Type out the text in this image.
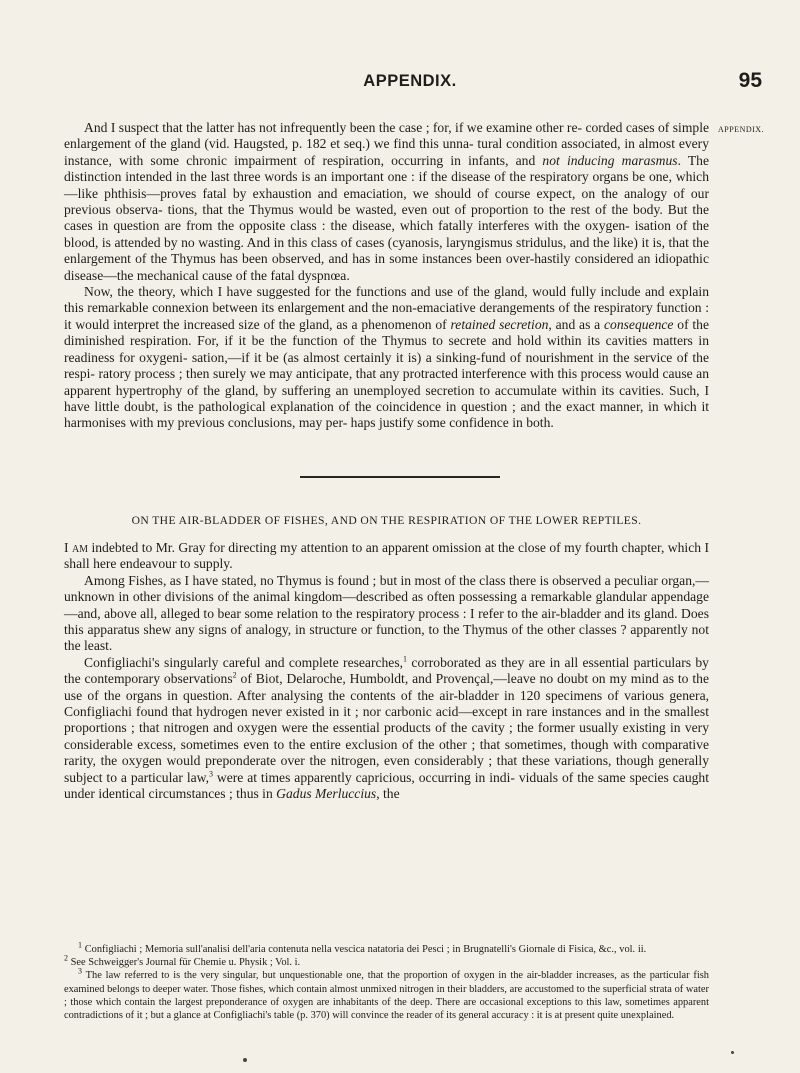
APPENDIX.	95
APPENDIX.

And I suspect that the latter has not infrequently been the case ; for, if we examine other re- corded cases of simple enlargement of the gland (vid. Haugsted, p. 182 et seq.) we find this unna- tural condition associated, in almost every instance, with some chronic impairment of respiration, occurring in infants, and not inducing marasmus. The distinction intended in the last three words is an important one : if the disease of the respiratory organs be one, which—like phthisis—proves fatal by exhaustion and emaciation, we should of course expect, on the analogy of our previous observa- tions, that the Thymus would be wasted, even out of proportion to the rest of the body. But the cases in question are from the opposite class : the disease, which fatally interferes with the oxygen- isation of the blood, is attended by no wasting. And in this class of cases (cyanosis, laryngismus stridulus, and the like) it is, that the enlargement of the Thymus has been observed, and has in some instances been over-hastily considered an idiopathic disease—the mechanical cause of the fatal dyspnœa.

Now, the theory, which I have suggested for the functions and use of the gland, would fully include and explain this remarkable connexion between its enlargement and the non-emaciative derangements of the respiratory function : it would interpret the increased size of the gland, as a phenomenon of retained secretion, and as a consequence of the diminished respiration. For, if it be the function of the Thymus to secrete and hold within its cavities matters in readiness for oxygeni- sation,—if it be (as almost certainly it is) a sinking-fund of nourishment in the service of the respi- ratory process ; then surely we may anticipate, that any protracted interference with this process would cause an apparent hypertrophy of the gland, by suffering an unemployed secretion to accumulate within its cavities. Such, I have little doubt, is the pathological explanation of the coincidence in question ; and the exact manner, in which it harmonises with my previous conclusions, may per- haps justify some confidence in both.

ON THE AIR-BLADDER OF FISHES, AND ON THE RESPIRATION OF THE LOWER REPTILES.

I am indebted to Mr. Gray for directing my attention to an apparent omission at the close of my fourth chapter, which I shall here endeavour to supply.

Among Fishes, as I have stated, no Thymus is found ; but in most of the class there is observed a peculiar organ,—unknown in other divisions of the animal kingdom—described as often possessing a remarkable glandular appendage—and, above all, alleged to bear some relation to the respiratory process : I refer to the air-bladder and its gland. Does this apparatus shew any signs of analogy, in structure or function, to the Thymus of the other classes ? apparently not the least.

Configliachi's singularly careful and complete researches,$^1$ corroborated as they are in all essential particulars by the contemporary observations$^2$ of Biot, Delaroche, Humboldt, and Provençal,—leave no doubt on my mind as to the use of the organs in question. After analysing the contents of the air-bladder in 120 specimens of various genera, Configliachi found that hydrogen never existed in it ; nor carbonic acid—except in rare instances and in the smallest proportions ; that nitrogen and oxygen were the essential products of the cavity ; the former usually existing in very considerable excess, sometimes even to the entire exclusion of the other ; that sometimes, though with comparative rarity, the oxygen would preponderate over the nitrogen, even considerably ; that these variations, though generally subject to a particular law,$^3$ were at times apparently capricious, occurring in indi- viduals of the same species caught under identical circumstances ; thus in Gadus Merluccius, the

$^1$ Configliachi ; Memoria sull'analisi dell'aria contenuta nella vescica natatoria dei Pesci ; in Brugnatelli's Giornale di Fisica, &c., vol. ii. $^2$ See Schweigger's Journal für Chemie u. Physik ; Vol. i.

$^3$ The law referred to is the very singular, but unquestionable one, that the proportion of oxygen in the air-bladder increases, as the particular fish examined belongs to deeper water. Those fishes, which contain almost unmixed nitrogen in their bladders, are accustomed to the superficial strata of water ; those which contain the largest preponderance of oxygen are inhabitants of the deep. There are occasional exceptions to this law, sometimes apparent contradictions of it ; but a glance at Configliachi's table (p. 370) will convince the reader of its general accuracy : it is at present quite unexplained.
